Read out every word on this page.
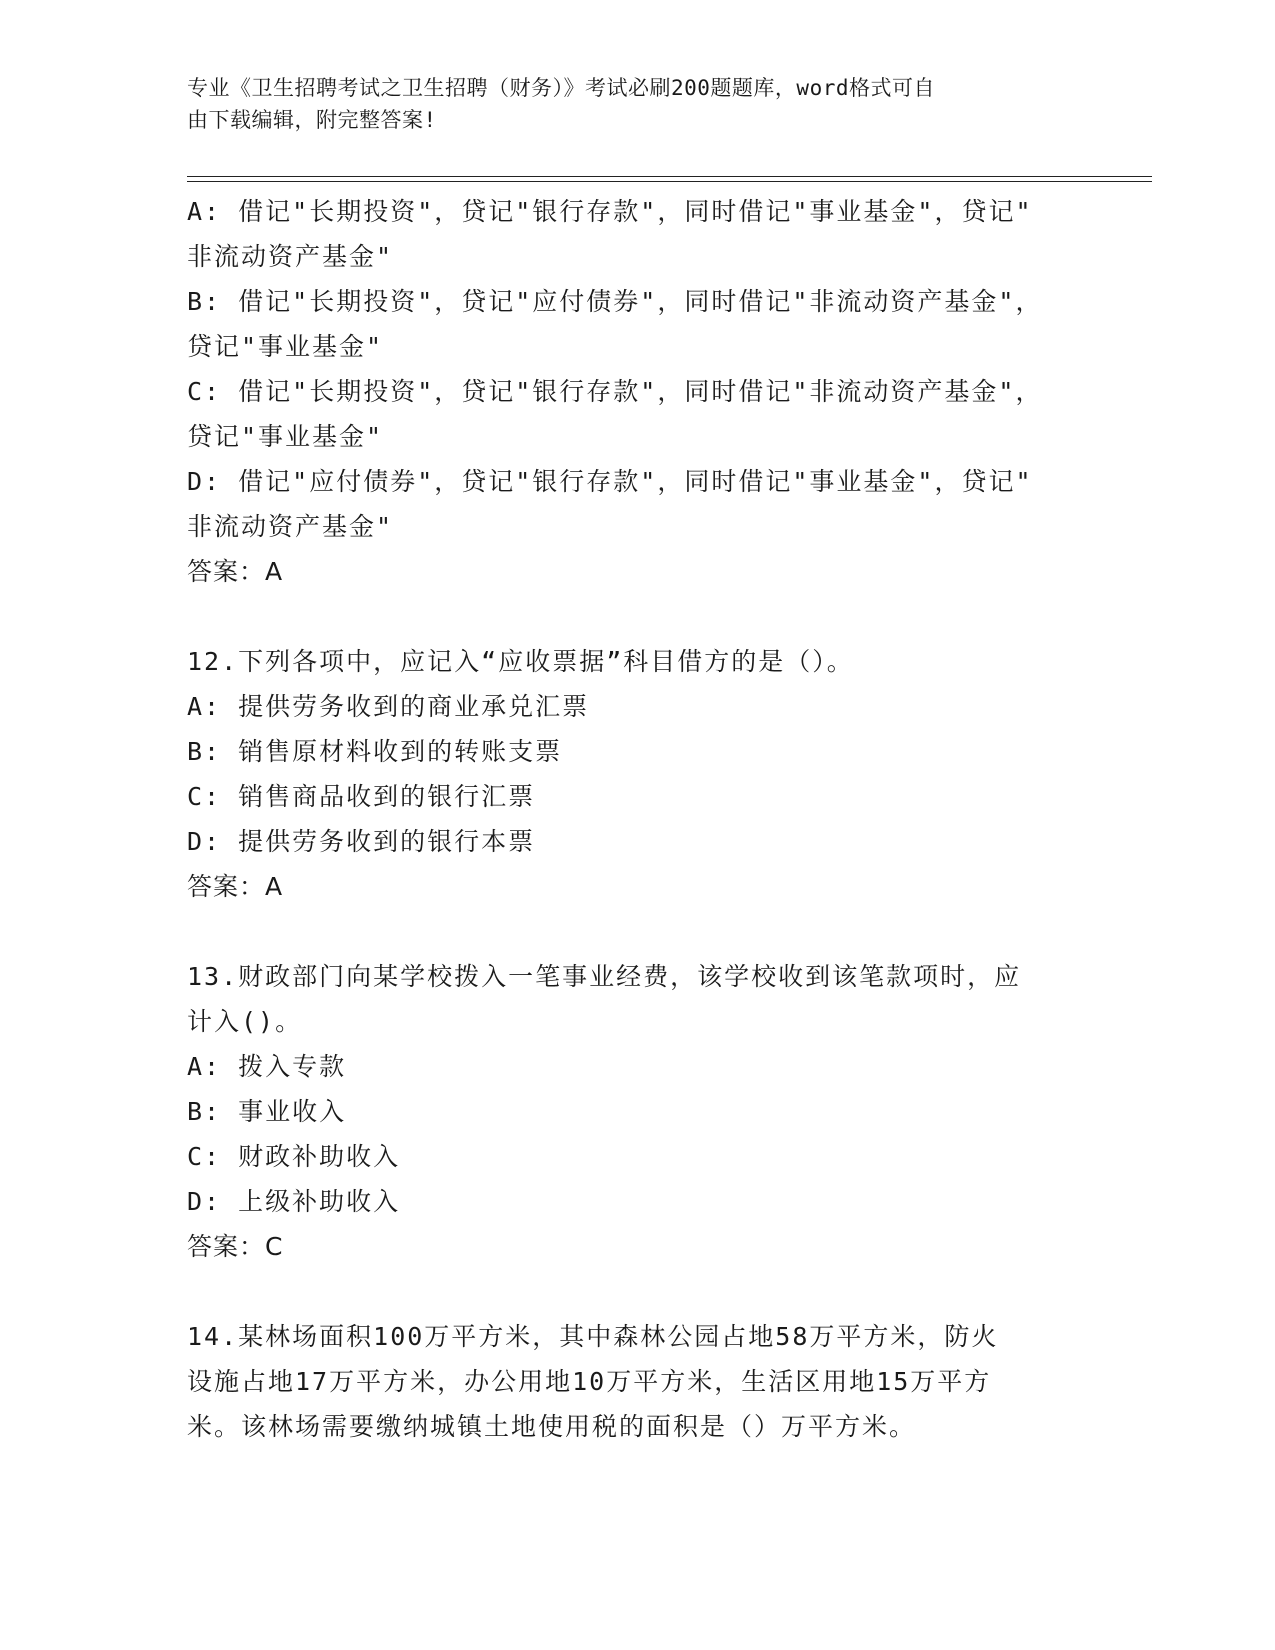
专业《卫生招聘考试之卫生招聘（财务）》考试必刷200题题库，word格式可自
由下载编辑，附完整答案!
A: 借记"长期投资"，贷记"银行存款"，同时借记"事业基金"，贷记"
非流动资产基金"
B: 借记"长期投资"，贷记"应付债券"，同时借记"非流动资产基金"，
贷记"事业基金"
C: 借记"长期投资"，贷记"银行存款"，同时借记"非流动资产基金"，
贷记"事业基金"
D: 借记"应付债券"，贷记"银行存款"，同时借记"事业基金"，贷记"
非流动资产基金"
答案：A
12.下列各项中，应记入“应收票据”科目借方的是（）。
A: 提供劳务收到的商业承兑汇票
B: 销售原材料收到的转账支票
C: 销售商品收到的银行汇票
D: 提供劳务收到的银行本票
答案：A
13.财政部门向某学校拨入一笔事业经费，该学校收到该笔款项时，应
计入()。
A: 拨入专款
B: 事业收入
C: 财政补助收入
D: 上级补助收入
答案：C
14.某林场面积100万平方米，其中森林公园占地58万平方米，防火
设施占地17万平方米，办公用地10万平方米，生活区用地15万平方
米。该林场需要缴纳城镇土地使用税的面积是（）万平方米。
